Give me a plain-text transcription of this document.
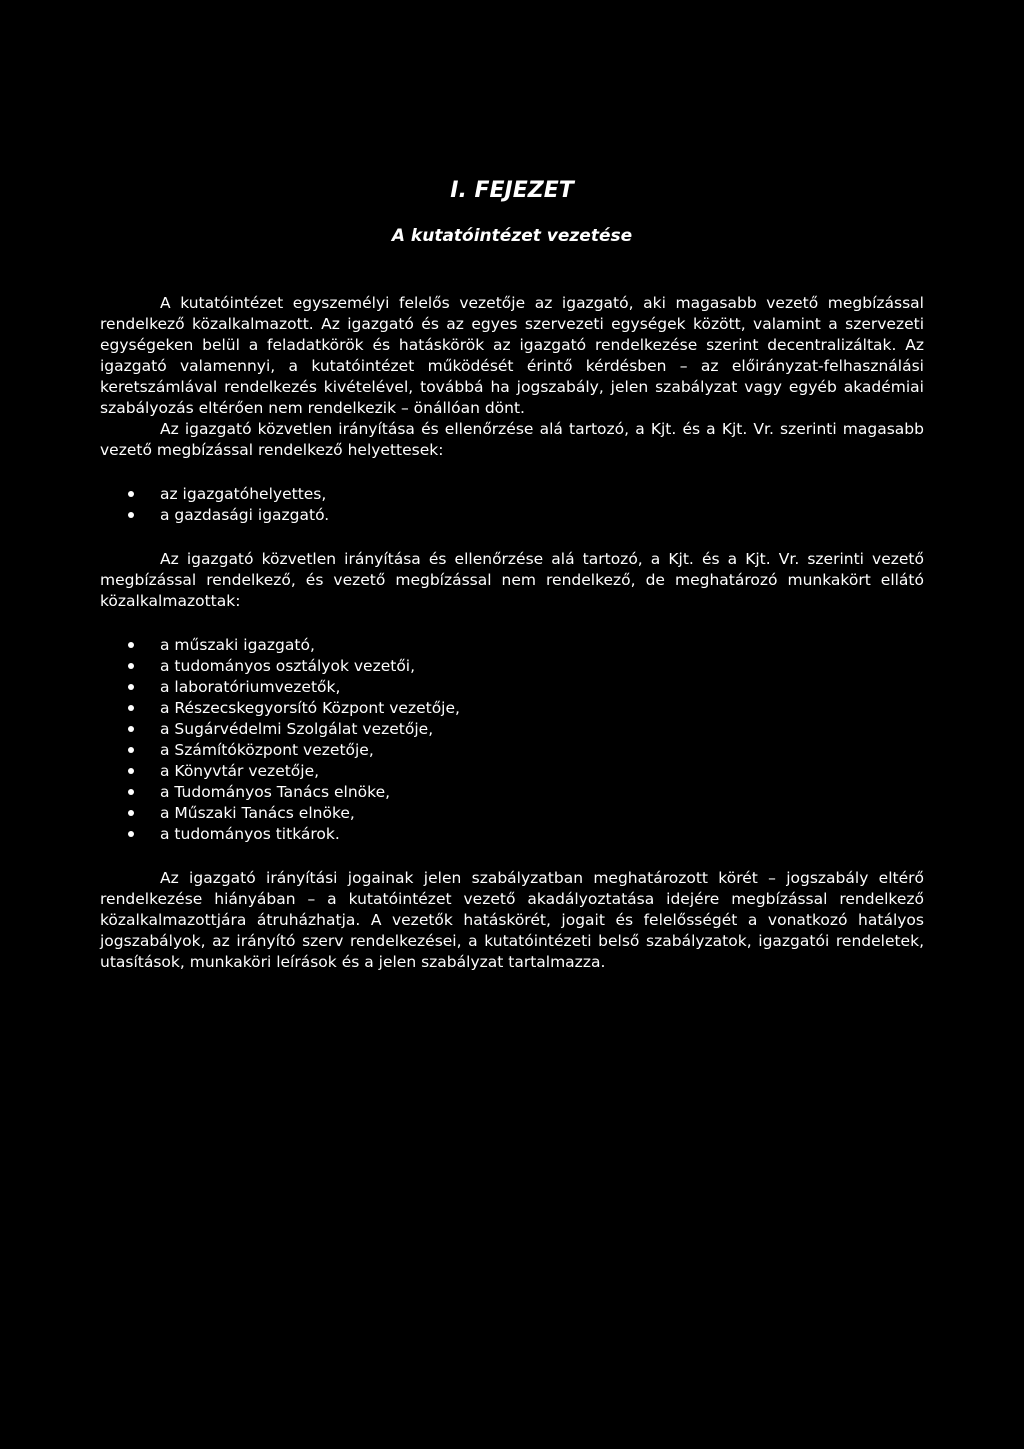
I. FEJEZET
A kutatóintézet vezetése

A kutatóintézet egyszemélyi felelős vezetője az igazgató, aki magasabb vezető megbízással rendelkező közalkalmazott. Az igazgató és az egyes szervezeti egységek között, valamint a szervezeti egységeken belül a feladatkörök és hatáskörök az igazgató rendelkezése szerint decentralizáltak. Az igazgató valamennyi, a kutatóintézet működését érintő kérdésben – az előirányzat-felhasználási keretszámlával rendelkezés kivételével, továbbá ha jogszabály, jelen szabályzat vagy egyéb akadémiai szabályozás eltérően nem rendelkezik – önállóan dönt.

Az igazgató közvetlen irányítása és ellenőrzése alá tartozó, a Kjt. és a Kjt. Vr. szerinti magasabb vezető megbízással rendelkező helyettesek:

az igazgatóhelyettes,
a gazdasági igazgató.

Az igazgató közvetlen irányítása és ellenőrzése alá tartozó, a Kjt. és a Kjt. Vr. szerinti vezető megbízással rendelkező, és vezető megbízással nem rendelkező, de meghatározó munkakört ellátó közalkalmazottak:

a műszaki igazgató,
a tudományos osztályok vezetői,
a laboratóriumvezetők,
a Részecskegyorsító Központ vezetője,
a Sugárvédelmi Szolgálat vezetője,
a Számítóközpont vezetője,
a Könyvtár vezetője,
a Tudományos Tanács elnöke,
a Műszaki Tanács elnöke,
a tudományos titkárok.

Az igazgató irányítási jogainak jelen szabályzatban meghatározott körét – jogszabály eltérő rendelkezése hiányában – a kutatóintézet vezető akadályoztatása idejére megbízással rendelkező közalkalmazottjára átruházhatja. A vezetők hatáskörét, jogait és felelősségét a vonatkozó hatályos jogszabályok, az irányító szerv rendelkezései, a kutatóintézeti belső szabályzatok, igazgatói rendeletek, utasítások, munkaköri leírások és a jelen szabályzat tartalmazza.
